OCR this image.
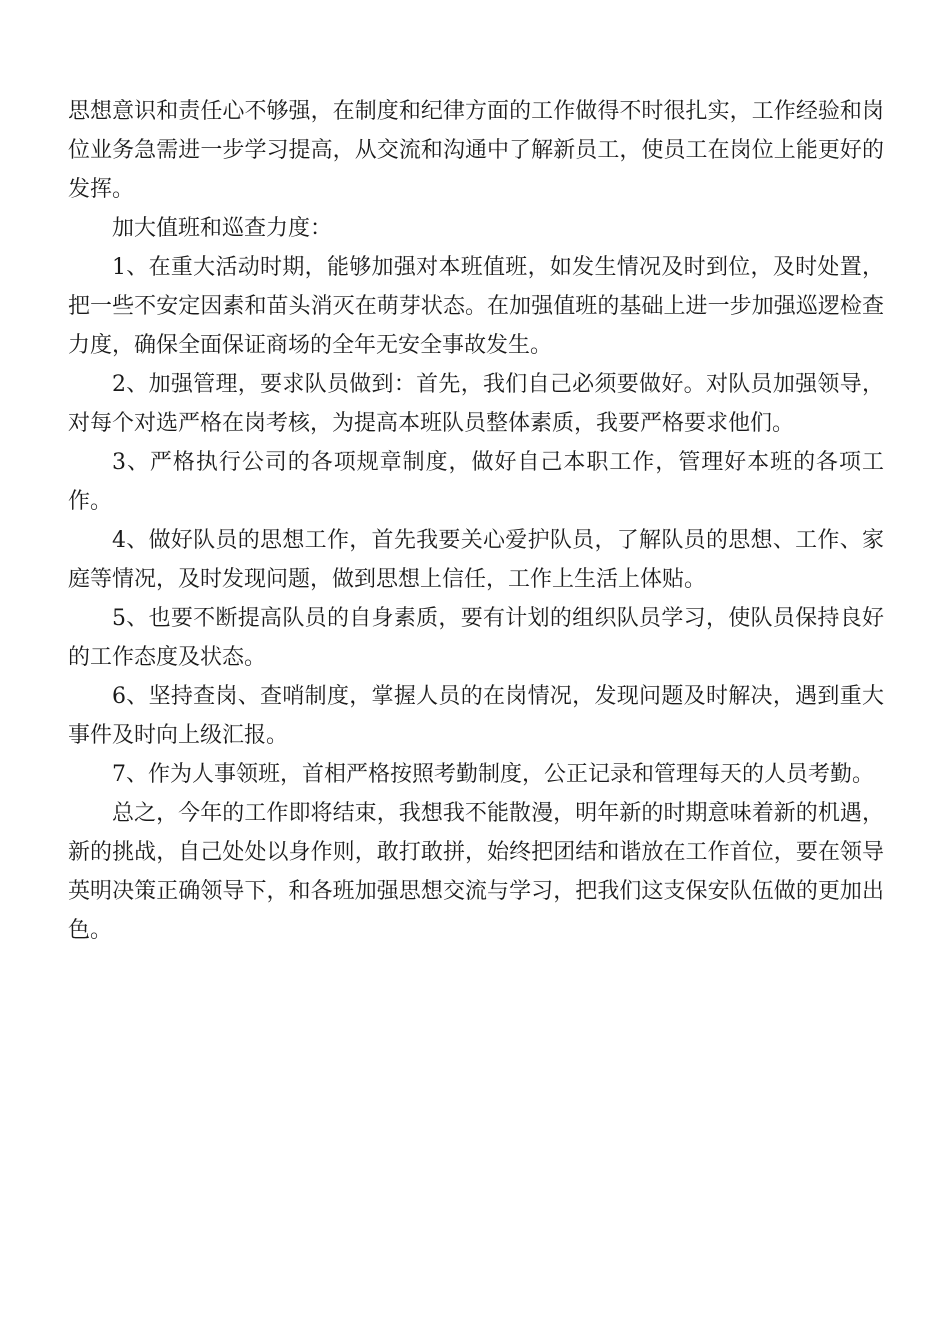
思想意识和责任心不够强，在制度和纪律方面的工作做得不时很扎实，工作经验和岗位业务急需进一步学习提高，从交流和沟通中了解新员工，使员工在岗位上能更好的发挥。

加大值班和巡查力度：

1、在重大活动时期，能够加强对本班值班，如发生情况及时到位，及时处置，把一些不安定因素和苗头消灭在萌芽状态。在加强值班的基础上进一步加强巡逻检查力度，确保全面保证商场的全年无安全事故发生。

2、加强管理，要求队员做到：首先，我们自己必须要做好。对队员加强领导，对每个对选严格在岗考核，为提高本班队员整体素质，我要严格要求他们。

3、严格执行公司的各项规章制度，做好自己本职工作，管理好本班的各项工作。

4、做好队员的思想工作，首先我要关心爱护队员，了解队员的思想、工作、家庭等情况，及时发现问题，做到思想上信任，工作上生活上体贴。

5、也要不断提高队员的自身素质，要有计划的组织队员学习，使队员保持良好的工作态度及状态。

6、坚持查岗、查哨制度，掌握人员的在岗情况，发现问题及时解决，遇到重大事件及时向上级汇报。

7、作为人事领班，首相严格按照考勤制度，公正记录和管理每天的人员考勤。

总之，今年的工作即将结束，我想我不能散漫，明年新的时期意味着新的机遇，新的挑战，自己处处以身作则，敢打敢拼，始终把团结和谐放在工作首位，要在领导英明决策正确领导下，和各班加强思想交流与学习，把我们这支保安队伍做的更加出色。
